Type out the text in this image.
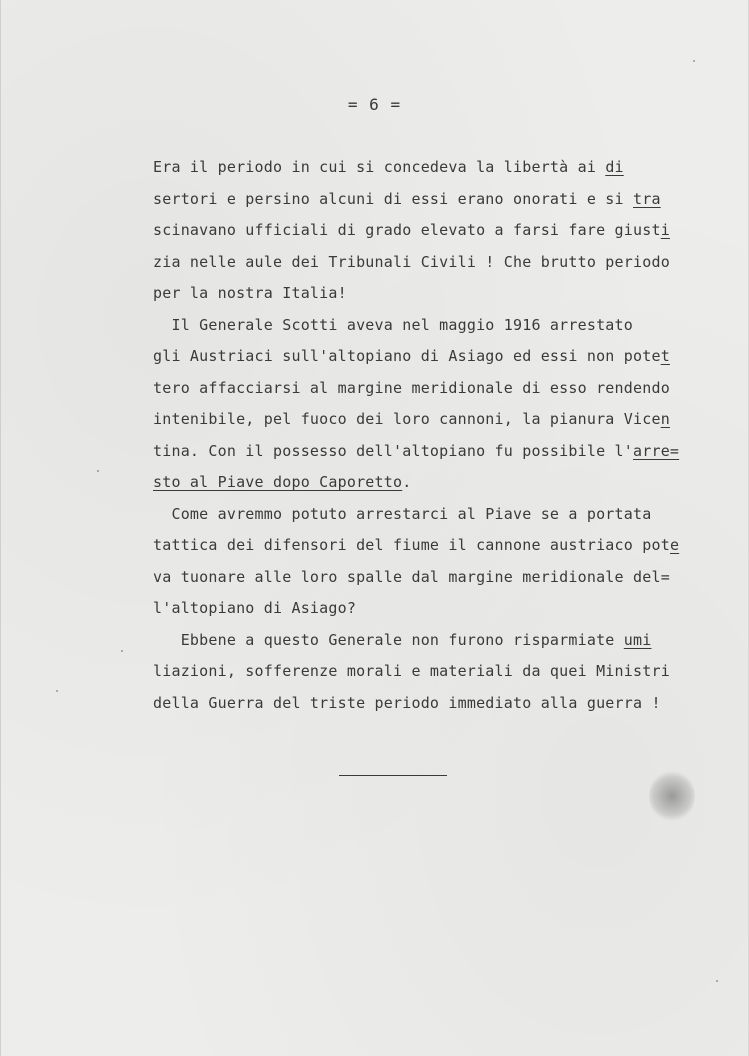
= 6 =
Era il periodo in cui si concedeva la libertà ai di
sertori e persino alcuni di essi erano onorati e si tra
scinavano ufficiali di grado elevato a farsi fare giusti
zia nelle aule dei Tribunali Civili ! Che brutto periodo
per la nostra Italia!
Il Generale Scotti aveva nel maggio 1916 arrestato
gli Austriaci sull'altopiano di Asiago ed essi non potet
tero affacciarsi al margine meridionale di esso rendendo
intenibile, pel fuoco dei loro cannoni, la pianura Vicen
tina. Con il possesso dell'altopiano fu possibile l'arre=
sto al Piave dopo Caporetto.
Come avremmo potuto arrestarci al Piave se a portata
tattica dei difensori del fiume il cannone austriaco pote
va tuonare alle loro spalle dal margine meridionale del=
l'altopiano di Asiago?
Ebbene a questo Generale non furono risparmiate umi
liazioni, sofferenze morali e materiali da quei Ministri
della Guerra del triste periodo immediato alla guerra !
